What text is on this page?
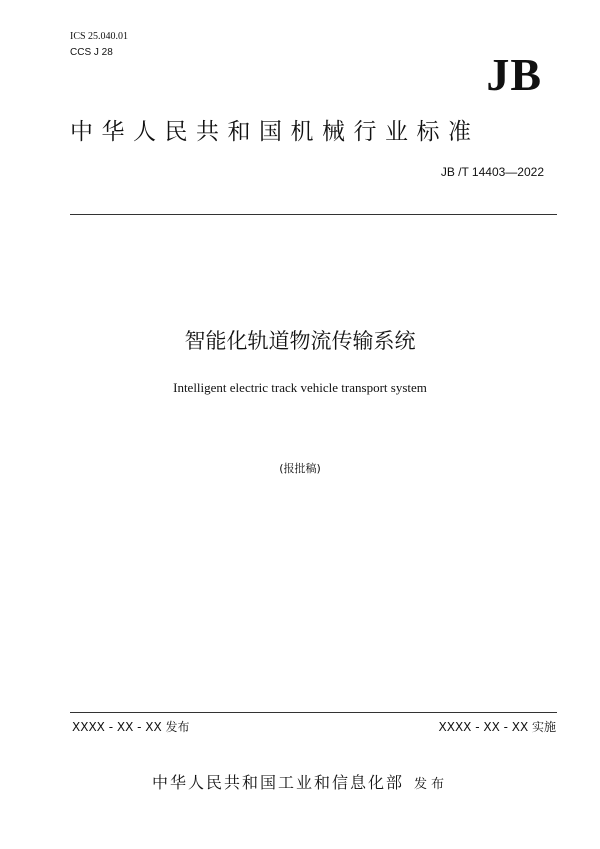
ICS 25.040.01
CCS J 28	JB
中华人民共和国机械行业标准
JB /T 14403—2022
智能化轨道物流传输系统
Intelligent electric track vehicle transport system
(报批稿)
XXXX - XX - XX 发布	XXXX - XX - XX 实施
中华人民共和国工业和信息化部 发布
